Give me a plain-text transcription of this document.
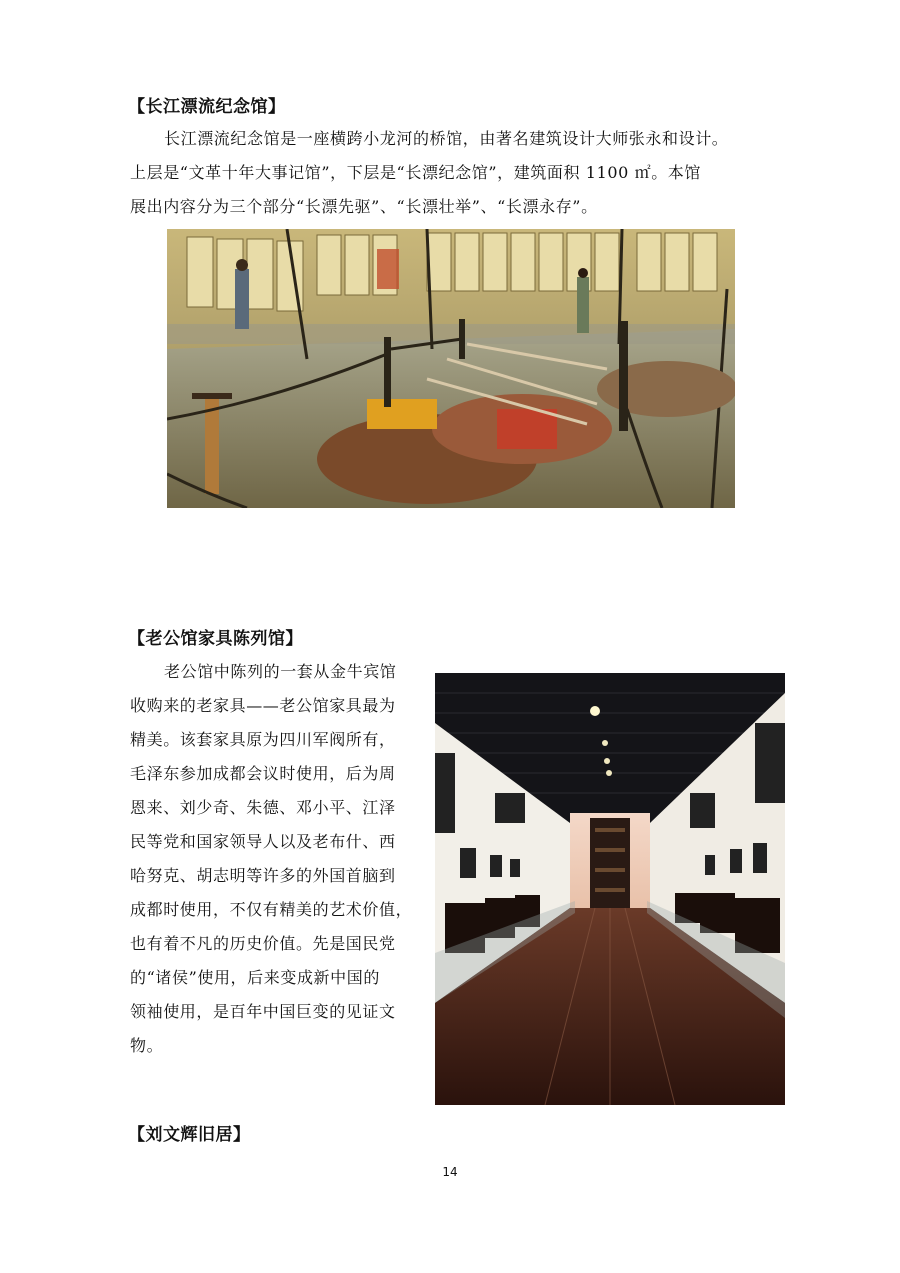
【长江漂流纪念馆】

长江漂流纪念馆是一座横跨小龙河的桥馆，由著名建筑设计大师张永和设计。

上层是“文革十年大事记馆”，下层是“长漂纪念馆”，建筑面积 1100 ㎡。本馆

展出内容分为三个部分“长漂先驱”、“长漂壮举”、“长漂永存”。

【老公馆家具陈列馆】

老公馆中陈列的一套从金牛宾馆

收购来的老家具——老公馆家具最为

精美。该套家具原为四川军阀所有，

毛泽东参加成都会议时使用，后为周

恩来、刘少奇、朱德、邓小平、江泽

民等党和国家领导人以及老布什、西

哈努克、胡志明等许多的外国首脑到

成都时使用，不仅有精美的艺术价值，

也有着不凡的历史价值。先是国民党

的“诸侯”使用，后来变成新中国的

领袖使用，是百年中国巨变的见证文

物。

【刘文辉旧居】
14
